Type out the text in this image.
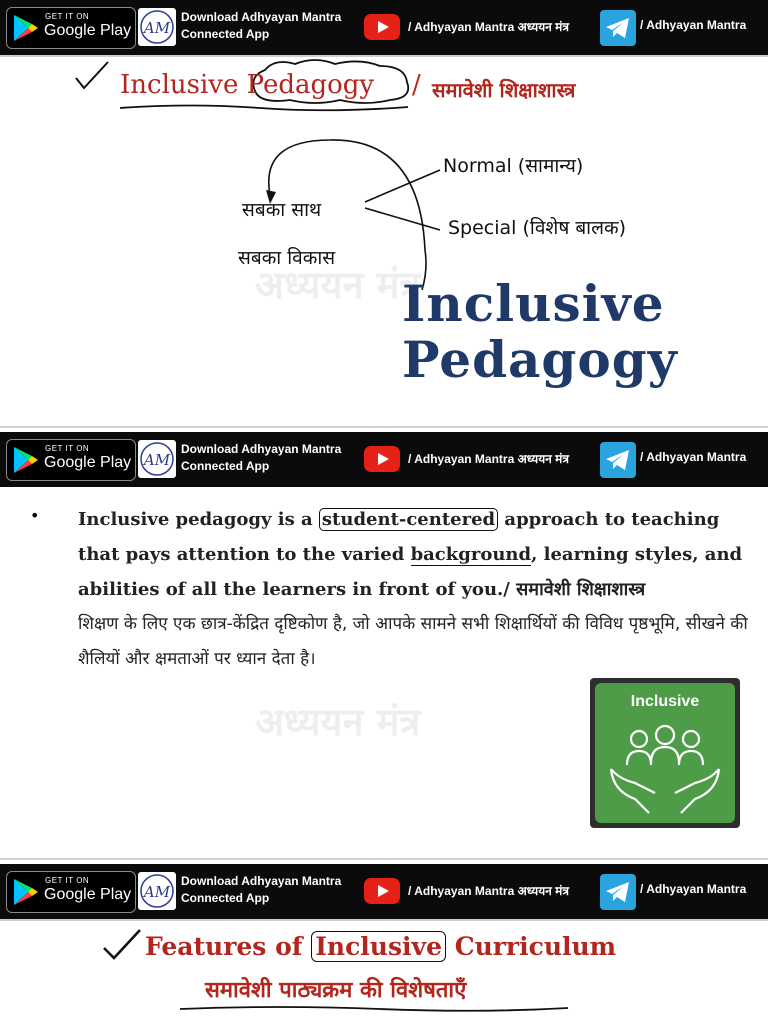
GET IT ON
Google Play AM
Download Adhyayan Mantra
Connected App	/ Adhyayan Mantra अध्ययन मंत्र	/ Adhyayan Mantra
अध्ययन मंत्र
Inclusive Pedagogy / समावेशी शिक्षाशास्त्र
Normal (सामान्य)
Special (विशेष बालक)
सबका साथ
सबका विकास
Inclusive
Pedagogy
GET IT ON
Google Play AM
Download Adhyayan Mantra
Connected App	/ Adhyayan Mantra अध्ययन मंत्र	/ Adhyayan Mantra
अध्ययन मंत्र
• Inclusive pedagogy is a student-centered approach to teaching that pays attention to the varied background, learning styles, and abilities of all the learners in front of you./ समावेशी शिक्षाशास्त्र
शिक्षण के लिए एक छात्र-केंद्रित दृष्टिकोण है, जो आपके सामने सभी शिक्षार्थियों की विविध पृष्ठभूमि, सीखने की शैलियों और क्षमताओं पर ध्यान देता है।
Inclusive
GET IT ON
Google Play AM
Download Adhyayan Mantra
Connected App	/ Adhyayan Mantra अध्ययन मंत्र	/ Adhyayan Mantra
Features of Inclusive Curriculum
समावेशी पाठ्यक्रम की विशेषताएँ
